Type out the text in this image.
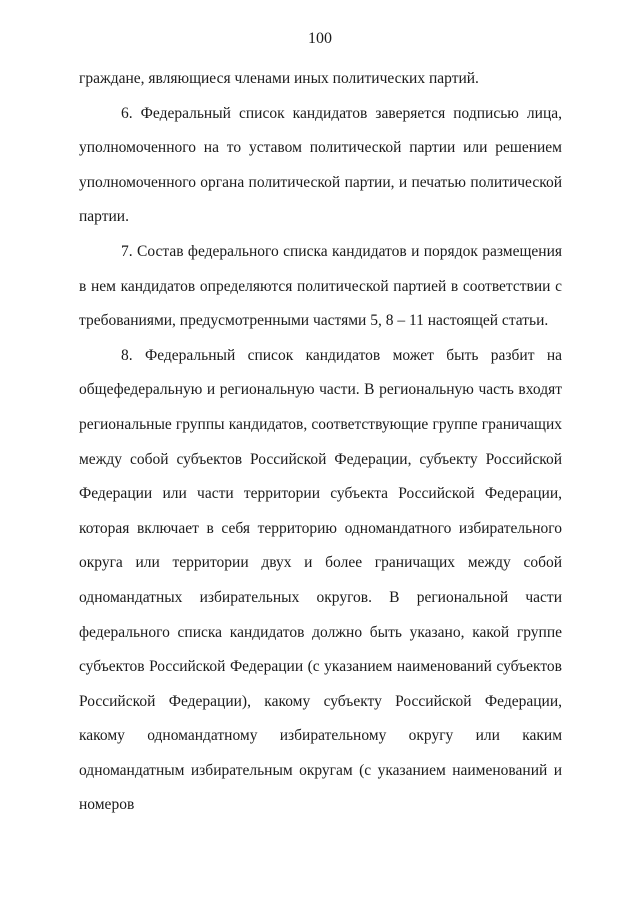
100

граждане, являющиеся членами иных политических партий.

6. Федеральный список кандидатов заверяется подписью лица, уполномоченного на то уставом политической партии или решением уполномоченного органа политической партии, и печатью политической партии.

7. Состав федерального списка кандидатов и порядок размещения в нем кандидатов определяются политической партией в соответствии с требованиями, предусмотренными частями 5, 8 – 11 настоящей статьи.

8. Федеральный список кандидатов может быть разбит на общефедеральную и региональную части. В региональную часть входят региональные группы кандидатов, соответствующие группе граничащих между собой субъектов Российской Федерации, субъекту Российской Федерации или части территории субъекта Российской Федерации, которая включает в себя территорию одномандатного избирательного округа или территории двух и более граничащих между собой одномандатных избирательных округов. В региональной части федерального списка кандидатов должно быть указано, какой группе субъектов Российской Федерации (с указанием наименований субъектов Российской Федерации), какому субъекту Российской Федерации, какому одномандатному избирательному округу или каким одномандатным избирательным округам (с указанием наименований и номеров
